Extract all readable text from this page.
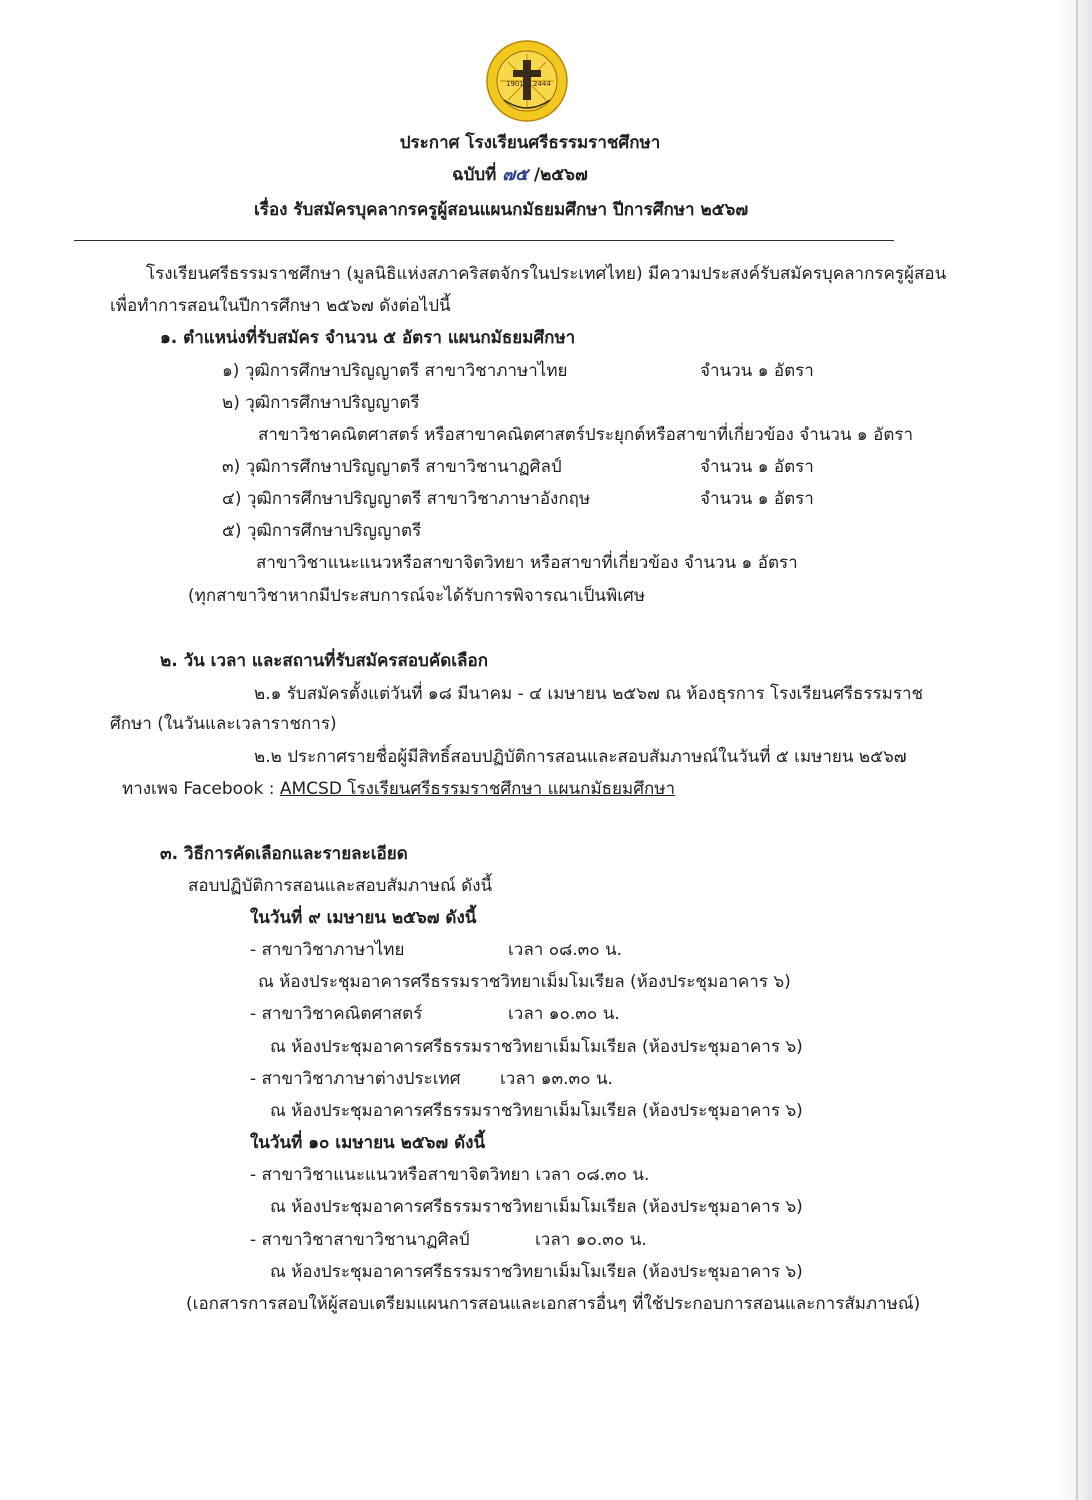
1901 2444
ประกาศ โรงเรียนศรีธรรมราชศึกษา
ฉบับที่ ๗๕ /๒๕๖๗
เรื่อง รับสมัครบุคลากรครูผู้สอนแผนกมัธยมศึกษา ปีการศึกษา ๒๕๖๗
โรงเรียนศรีธรรมราชศึกษา (มูลนิธิแห่งสภาคริสตจักรในประเทศไทย) มีความประสงค์รับสมัครบุคลากรครูผู้สอน
เพื่อทำการสอนในปีการศึกษา ๒๕๖๗ ดังต่อไปนี้
๑. ตำแหน่งที่รับสมัคร จำนวน ๕ อัตรา แผนกมัธยมศึกษา
๑) วุฒิการศึกษาปริญญาตรี สาขาวิชาภาษาไทย	จำนวน ๑ อัตรา
๒) วุฒิการศึกษาปริญญาตรี
สาขาวิชาคณิตศาสตร์ หรือสาขาคณิตศาสตร์ประยุกต์หรือสาขาที่เกี่ยวข้อง จำนวน ๑ อัตรา
๓) วุฒิการศึกษาปริญญาตรี สาขาวิชานาฏศิลป์	จำนวน ๑ อัตรา
๔) วุฒิการศึกษาปริญญาตรี สาขาวิชาภาษาอังกฤษ	จำนวน ๑ อัตรา
๕) วุฒิการศึกษาปริญญาตรี
สาขาวิชาแนะแนวหรือสาขาจิตวิทยา หรือสาขาที่เกี่ยวข้อง จำนวน ๑ อัตรา
(ทุกสาขาวิชาหากมีประสบการณ์จะได้รับการพิจารณาเป็นพิเศษ
๒. วัน เวลา และสถานที่รับสมัครสอบคัดเลือก
๒.๑ รับสมัครตั้งแต่วันที่ ๑๘ มีนาคม - ๔ เมษายน ๒๕๖๗ ณ ห้องธุรการ โรงเรียนศรีธรรมราช
ศึกษา (ในวันและเวลาราชการ)
๒.๒ ประกาศรายชื่อผู้มีสิทธิ์สอบปฏิบัติการสอนและสอบสัมภาษณ์ในวันที่ ๕ เมษายน ๒๕๖๗
ทางเพจ Facebook : AMCSD โรงเรียนศรีธรรมราชศึกษา แผนกมัธยมศึกษา
๓. วิธีการคัดเลือกและรายละเอียด
สอบปฏิบัติการสอนและสอบสัมภาษณ์ ดังนี้
ในวันที่ ๙ เมษายน ๒๕๖๗ ดังนี้
- สาขาวิชาภาษาไทย	เวลา ๐๘.๓๐ น.
ณ ห้องประชุมอาคารศรีธรรมราชวิทยาเม็มโมเรียล (ห้องประชุมอาคาร ๖)
- สาขาวิชาคณิตศาสตร์	เวลา ๑๐.๓๐ น.
ณ ห้องประชุมอาคารศรีธรรมราชวิทยาเม็มโมเรียล (ห้องประชุมอาคาร ๖)
- สาขาวิชาภาษาต่างประเทศ เวลา ๑๓.๓๐ น.
ณ ห้องประชุมอาคารศรีธรรมราชวิทยาเม็มโมเรียล (ห้องประชุมอาคาร ๖)
ในวันที่ ๑๐ เมษายน ๒๕๖๗ ดังนี้
- สาขาวิชาแนะแนวหรือสาขาจิตวิทยา เวลา ๐๘.๓๐ น.
ณ ห้องประชุมอาคารศรีธรรมราชวิทยาเม็มโมเรียล (ห้องประชุมอาคาร ๖)
- สาขาวิชาสาขาวิชานาฏศิลป์	เวลา ๑๐.๓๐ น.
ณ ห้องประชุมอาคารศรีธรรมราชวิทยาเม็มโมเรียล (ห้องประชุมอาคาร ๖)
(เอกสารการสอบให้ผู้สอบเตรียมแผนการสอนและเอกสารอื่นๆ ที่ใช้ประกอบการสอนและการสัมภาษณ์)
